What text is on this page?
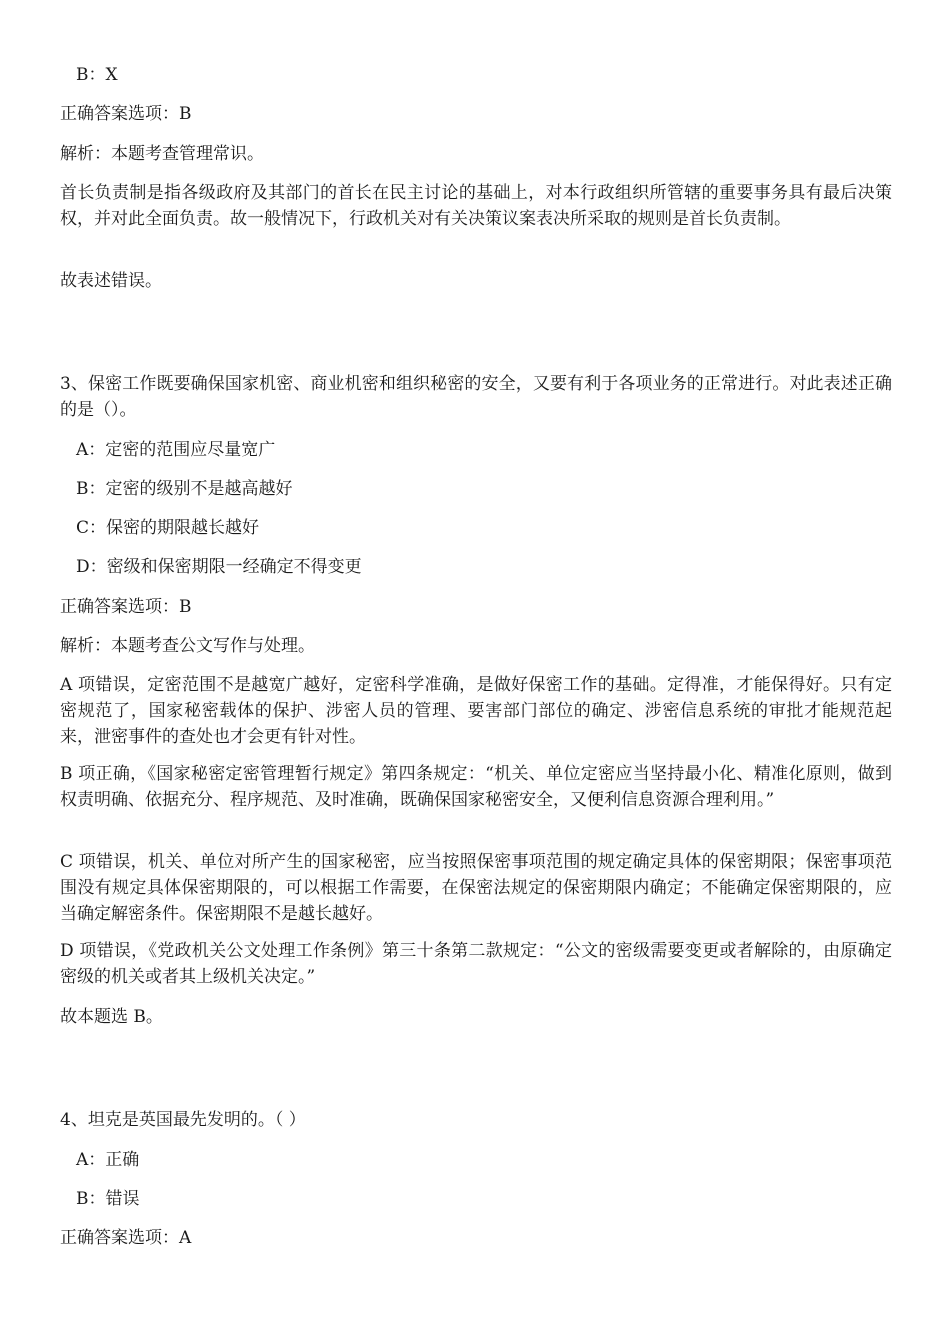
B：X
正确答案选项：B
解析：本题考查管理常识。
首长负责制是指各级政府及其部门的首长在民主讨论的基础上，对本行政组织所管辖的重要事务具有最后决策权，并对此全面负责。故一般情况下，行政机关对有关决策议案表决所采取的规则是首长负责制。
故表述错误。
3、保密工作既要确保国家机密、商业机密和组织秘密的安全，又要有利于各项业务的正常进行。对此表述正确的是（）。
A：定密的范围应尽量宽广
B：定密的级别不是越高越好
C：保密的期限越长越好
D：密级和保密期限一经确定不得变更
正确答案选项：B
解析：本题考查公文写作与处理。
A 项错误，定密范围不是越宽广越好，定密科学准确，是做好保密工作的基础。定得准，才能保得好。只有定密规范了，国家秘密载体的保护、涉密人员的管理、要害部门部位的确定、涉密信息系统的审批才能规范起来，泄密事件的查处也才会更有针对性。
B 项正确，《国家秘密定密管理暂行规定》第四条规定：“机关、单位定密应当坚持最小化、精准化原则，做到权责明确、依据充分、程序规范、及时准确，既确保国家秘密安全，又便利信息资源合理利用。”
C 项错误，机关、单位对所产生的国家秘密，应当按照保密事项范围的规定确定具体的保密期限；保密事项范围没有规定具体保密期限的，可以根据工作需要，在保密法规定的保密期限内确定；不能确定保密期限的，应当确定解密条件。保密期限不是越长越好。
D 项错误，《党政机关公文处理工作条例》第三十条第二款规定：“公文的密级需要变更或者解除的，由原确定密级的机关或者其上级机关决定。”
故本题选 B。
4、坦克是英国最先发明的。（ ）
A：正确
B：错误
正确答案选项：A
